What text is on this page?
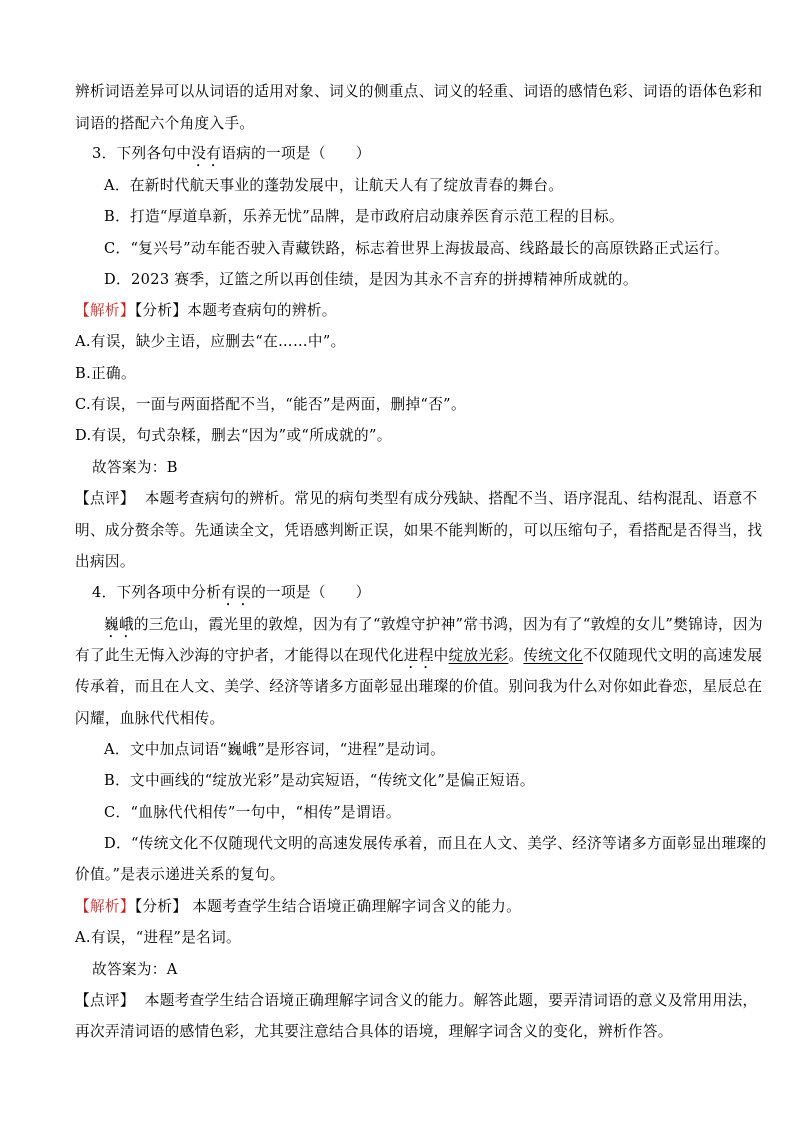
辨析词语差异可以从词语的适用对象、词义的侧重点、词义的轻重、词语的感情色彩、词语的语体色彩和
词语的搭配六个角度入手。
3．下列各句中没有语病的一项是（　　）
A．在新时代航天事业的蓬勃发展中，让航天人有了绽放青春的舞台。
B．打造“厚道阜新，乐养无忧”品牌，是市政府启动康养医育示范工程的目标。
C．“复兴号”动车能否驶入青藏铁路，标志着世界上海拔最高、线路最长的高原铁路正式运行。
D．2023 赛季，辽篮之所以再创佳绩，是因为其永不言弃的拼搏精神所成就的。
【解析】【分析】本题考查病句的辨析。
A.有误，缺少主语，应删去“在……中”。
B.正确。
C.有误，一面与两面搭配不当，“能否”是两面，删掉“否”。
D.有误，句式杂糅，删去“因为”或“所成就的”。
故答案为：B
【点评】 本题考查病句的辨析。常见的病句类型有成分残缺、搭配不当、语序混乱、结构混乱、语意不
明、成分赘余等。先通读全文，凭语感判断正误，如果不能判断的，可以压缩句子，看搭配是否得当，找
出病因。
4．下列各项中分析有误的一项是（　　）
巍峨的三危山，霞光里的敦煌，因为有了“敦煌守护神”常书鸿，因为有了“敦煌的女儿”樊锦诗，因为
有了此生无悔入沙海的守护者，才能得以在现代化进程中绽放光彩。传统文化不仅随现代文明的高速发展
传承着，而且在人文、美学、经济等诸多方面彰显出璀璨的价值。别问我为什么对你如此眷恋，星辰总在
闪耀，血脉代代相传。
A．文中加点词语“巍峨”是形容词，“进程”是动词。
B．文中画线的“绽放光彩”是动宾短语，“传统文化”是偏正短语。
C．“血脉代代相传”一句中，“相传”是谓语。
D．“传统文化不仅随现代文明的高速发展传承着，而且在人文、美学、经济等诸多方面彰显出璀璨的
价值。”是表示递进关系的复句。
【解析】【分析】 本题考查学生结合语境正确理解字词含义的能力。
A.有误，“进程”是名词。
故答案为：A
【点评】 本题考查学生结合语境正确理解字词含义的能力。解答此题，要弄清词语的意义及常用用法，
再次弄清词语的感情色彩，尤其要注意结合具体的语境，理解字词含义的变化，辨析作答。
